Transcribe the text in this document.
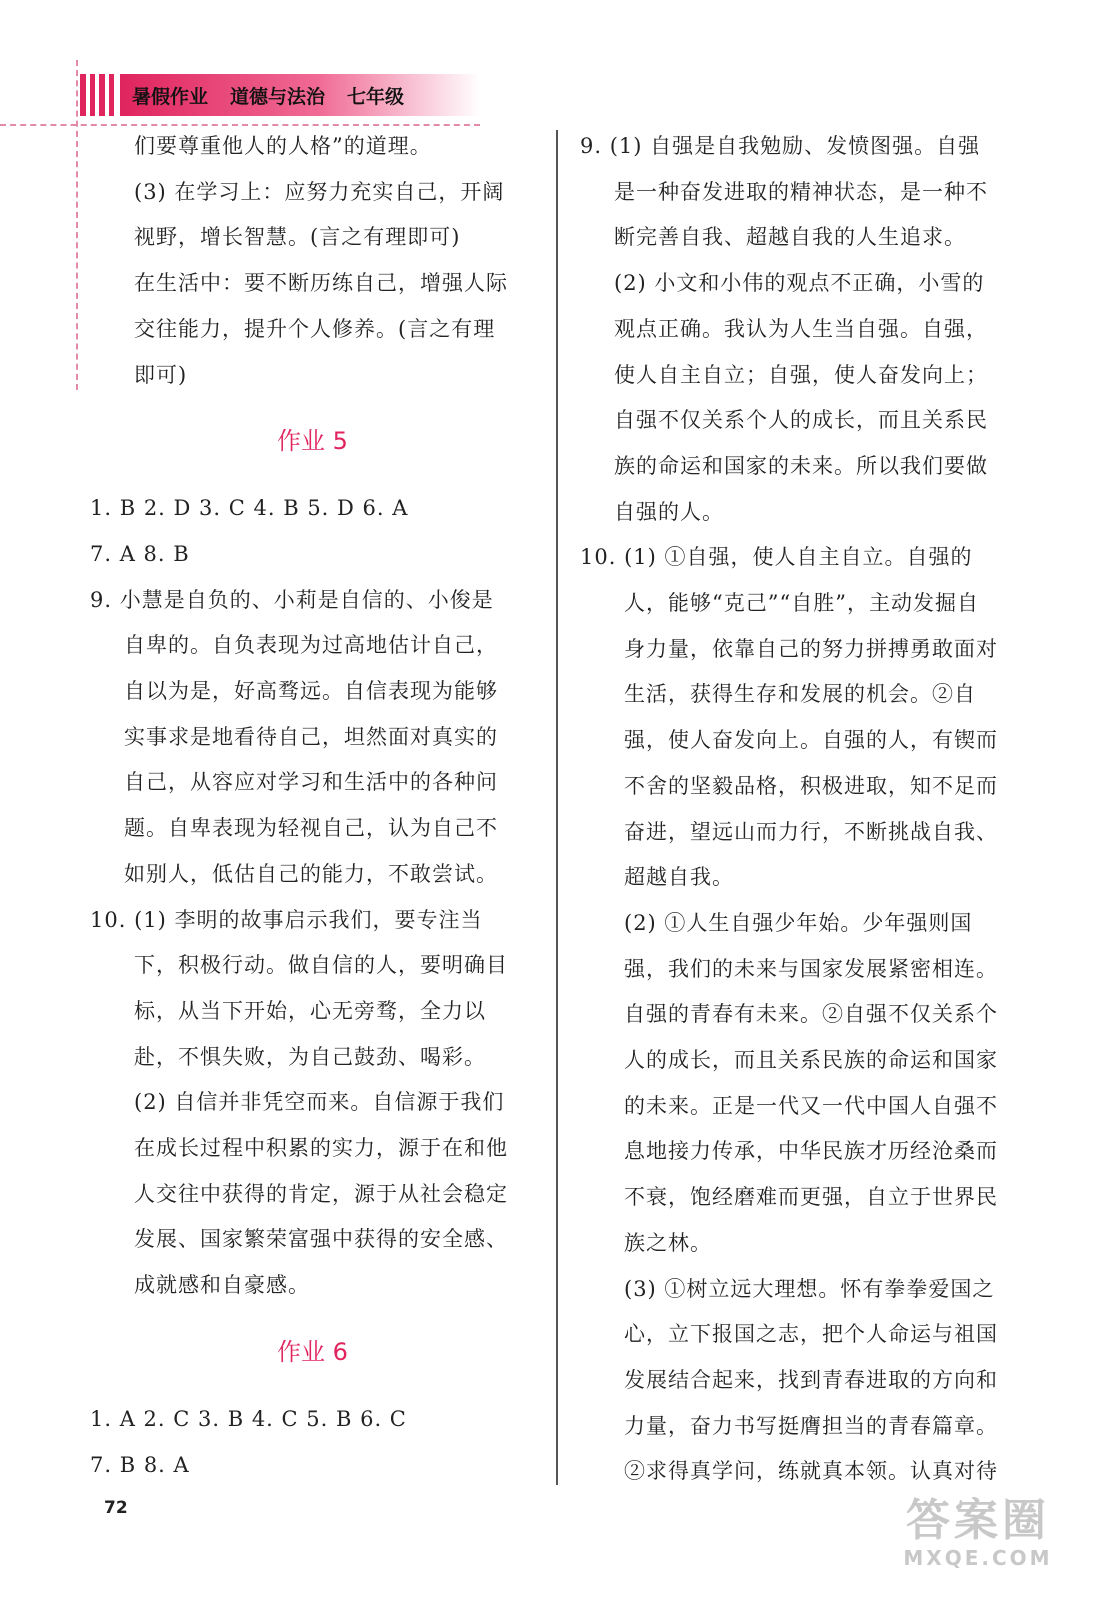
暑假作业 道德与法治 七年级
们要尊重他人的人格”的道理。
(3) 在学习上：应努力充实自己，开阔
视野，增长智慧。(言之有理即可)
在生活中：要不断历练自己，增强人际
交往能力，提升个人修养。(言之有理
即可)
作业 5
1. B 2. D 3. C 4. B 5. D 6. A
7. A 8. B
9. 小慧是自负的、小莉是自信的、小俊是
自卑的。自负表现为过高地估计自己，
自以为是，好高骛远。自信表现为能够
实事求是地看待自己，坦然面对真实的
自己，从容应对学习和生活中的各种问
题。自卑表现为轻视自己，认为自己不
如别人，低估自己的能力，不敢尝试。
10. (1) 李明的故事启示我们，要专注当
下，积极行动。做自信的人，要明确目
标，从当下开始，心无旁骛，全力以
赴，不惧失败，为自己鼓劲、喝彩。
(2) 自信并非凭空而来。自信源于我们
在成长过程中积累的实力，源于在和他
人交往中获得的肯定，源于从社会稳定
发展、国家繁荣富强中获得的安全感、
成就感和自豪感。
作业 6
1. A 2. C 3. B 4. C 5. B 6. C
7. B 8. A
9. (1) 自强是自我勉励、发愤图强。自强
是一种奋发进取的精神状态，是一种不
断完善自我、超越自我的人生追求。
(2) 小文和小伟的观点不正确，小雪的
观点正确。我认为人生当自强。自强，
使人自主自立；自强，使人奋发向上；
自强不仅关系个人的成长，而且关系民
族的命运和国家的未来。所以我们要做
自强的人。
10. (1) ①自强，使人自主自立。自强的
人，能够“克己”“自胜”，主动发掘自
身力量，依靠自己的努力拼搏勇敢面对
生活，获得生存和发展的机会。②自
强，使人奋发向上。自强的人，有锲而
不舍的坚毅品格，积极进取，知不足而
奋进，望远山而力行，不断挑战自我、
超越自我。
(2) ①人生自强少年始。少年强则国
强，我们的未来与国家发展紧密相连。
自强的青春有未来。②自强不仅关系个
人的成长，而且关系民族的命运和国家
的未来。正是一代又一代中国人自强不
息地接力传承，中华民族才历经沧桑而
不衰，饱经磨难而更强，自立于世界民
族之林。
(3) ①树立远大理想。怀有拳拳爱国之
心，立下报国之志，把个人命运与祖国
发展结合起来，找到青春进取的方向和
力量，奋力书写挺膺担当的青春篇章。
②求得真学问，练就真本领。认真对待
72	答案圈
MXQE.COM
